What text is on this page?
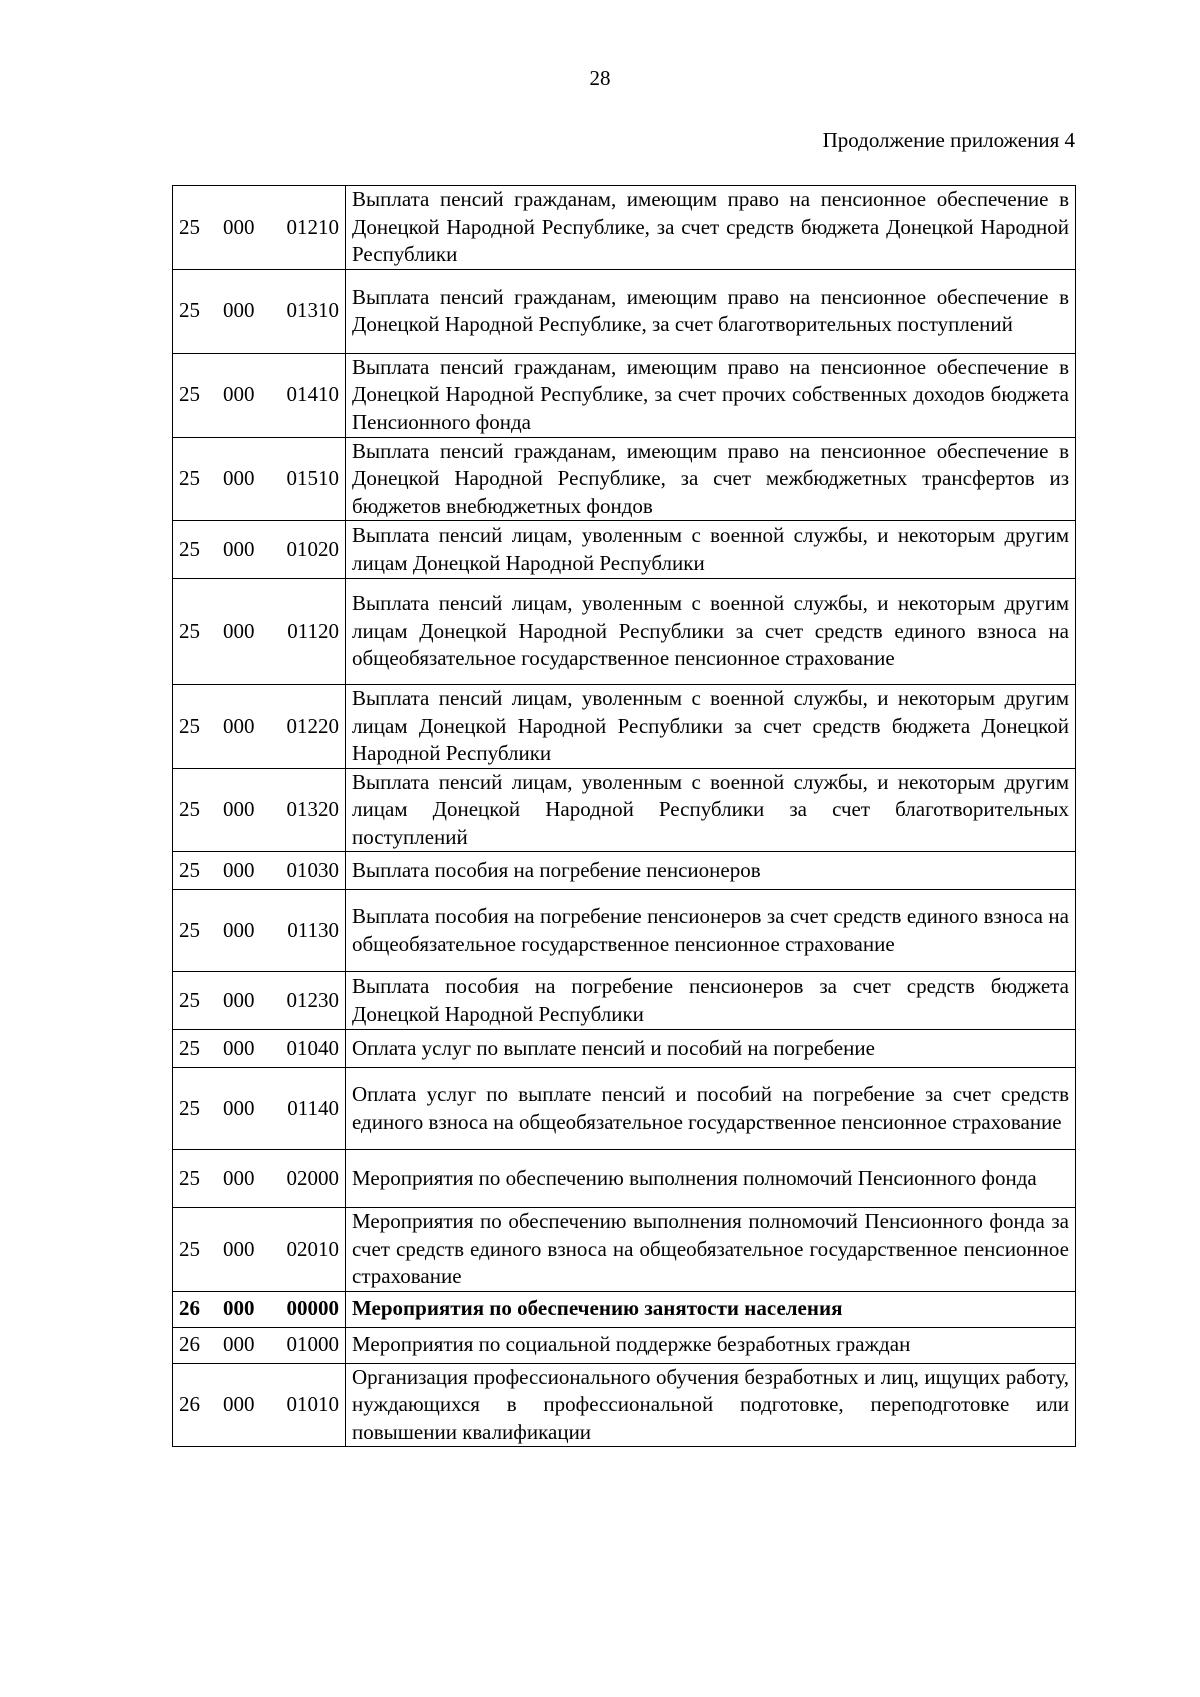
28
Продолжение приложения 4
25 000 01210	Выплата пенсий гражданам, имеющим право на пенсионное обеспечение в Донецкой Народной Республике, за счет средств бюджета Донецкой Народной Республики

25 000 01310	Выплата пенсий гражданам, имеющим право на пенсионное обеспечение в Донецкой Народной Республике, за счет благотворительных поступлений

25 000 01410	Выплата пенсий гражданам, имеющим право на пенсионное обеспечение в Донецкой Народной Республике, за счет прочих собственных доходов бюджета Пенсионного фонда

25 000 01510	Выплата пенсий гражданам, имеющим право на пенсионное обеспечение в Донецкой Народной Республике, за счет межбюджетных трансфертов из бюджетов внебюджетных фондов

25 000 01020	Выплата пенсий лицам, уволенным с военной службы, и некоторым другим лицам Донецкой Народной Республики

25 000 01120	Выплата пенсий лицам, уволенным с военной службы, и некоторым другим лицам Донецкой Народной Республики за счет средств единого взноса на общеобязательное государственное пенсионное страхование

25 000 01220	Выплата пенсий лицам, уволенным с военной службы, и некоторым другим лицам Донецкой Народной Республики за счет средств бюджета Донецкой Народной Республики

25 000 01320	Выплата пенсий лицам, уволенным с военной службы, и некоторым другим лицам Донецкой Народной Республики за счет благотворительных поступлений

25 000 01030	Выплата пособия на погребение пенсионеров

25 000 01130	Выплата пособия на погребение пенсионеров за счет средств единого взноса на общеобязательное государственное пенсионное страхование

25 000 01230	Выплата пособия на погребение пенсионеров за счет средств бюджета Донецкой Народной Республики

25 000 01040	Оплата услуг по выплате пенсий и пособий на погребение

25 000 01140	Оплата услуг по выплате пенсий и пособий на погребение за счет средств единого взноса на общеобязательное государственное пенсионное страхование

25 000 02000	Мероприятия по обеспечению выполнения полномочий Пенсионного фонда

25 000 02010	Мероприятия по обеспечению выполнения полномочий Пенсионного фонда за счет средств единого взноса на общеобязательное государственное пенсионное страхование

26 000 00000	Мероприятия по обеспечению занятости населения

26 000 01000	Мероприятия по социальной поддержке безработных граждан

26 000 01010	Организация профессионального обучения безработных и лиц, ищущих работу, нуждающихся в профессиональной подготовке, переподготовке или повышении квалификации
